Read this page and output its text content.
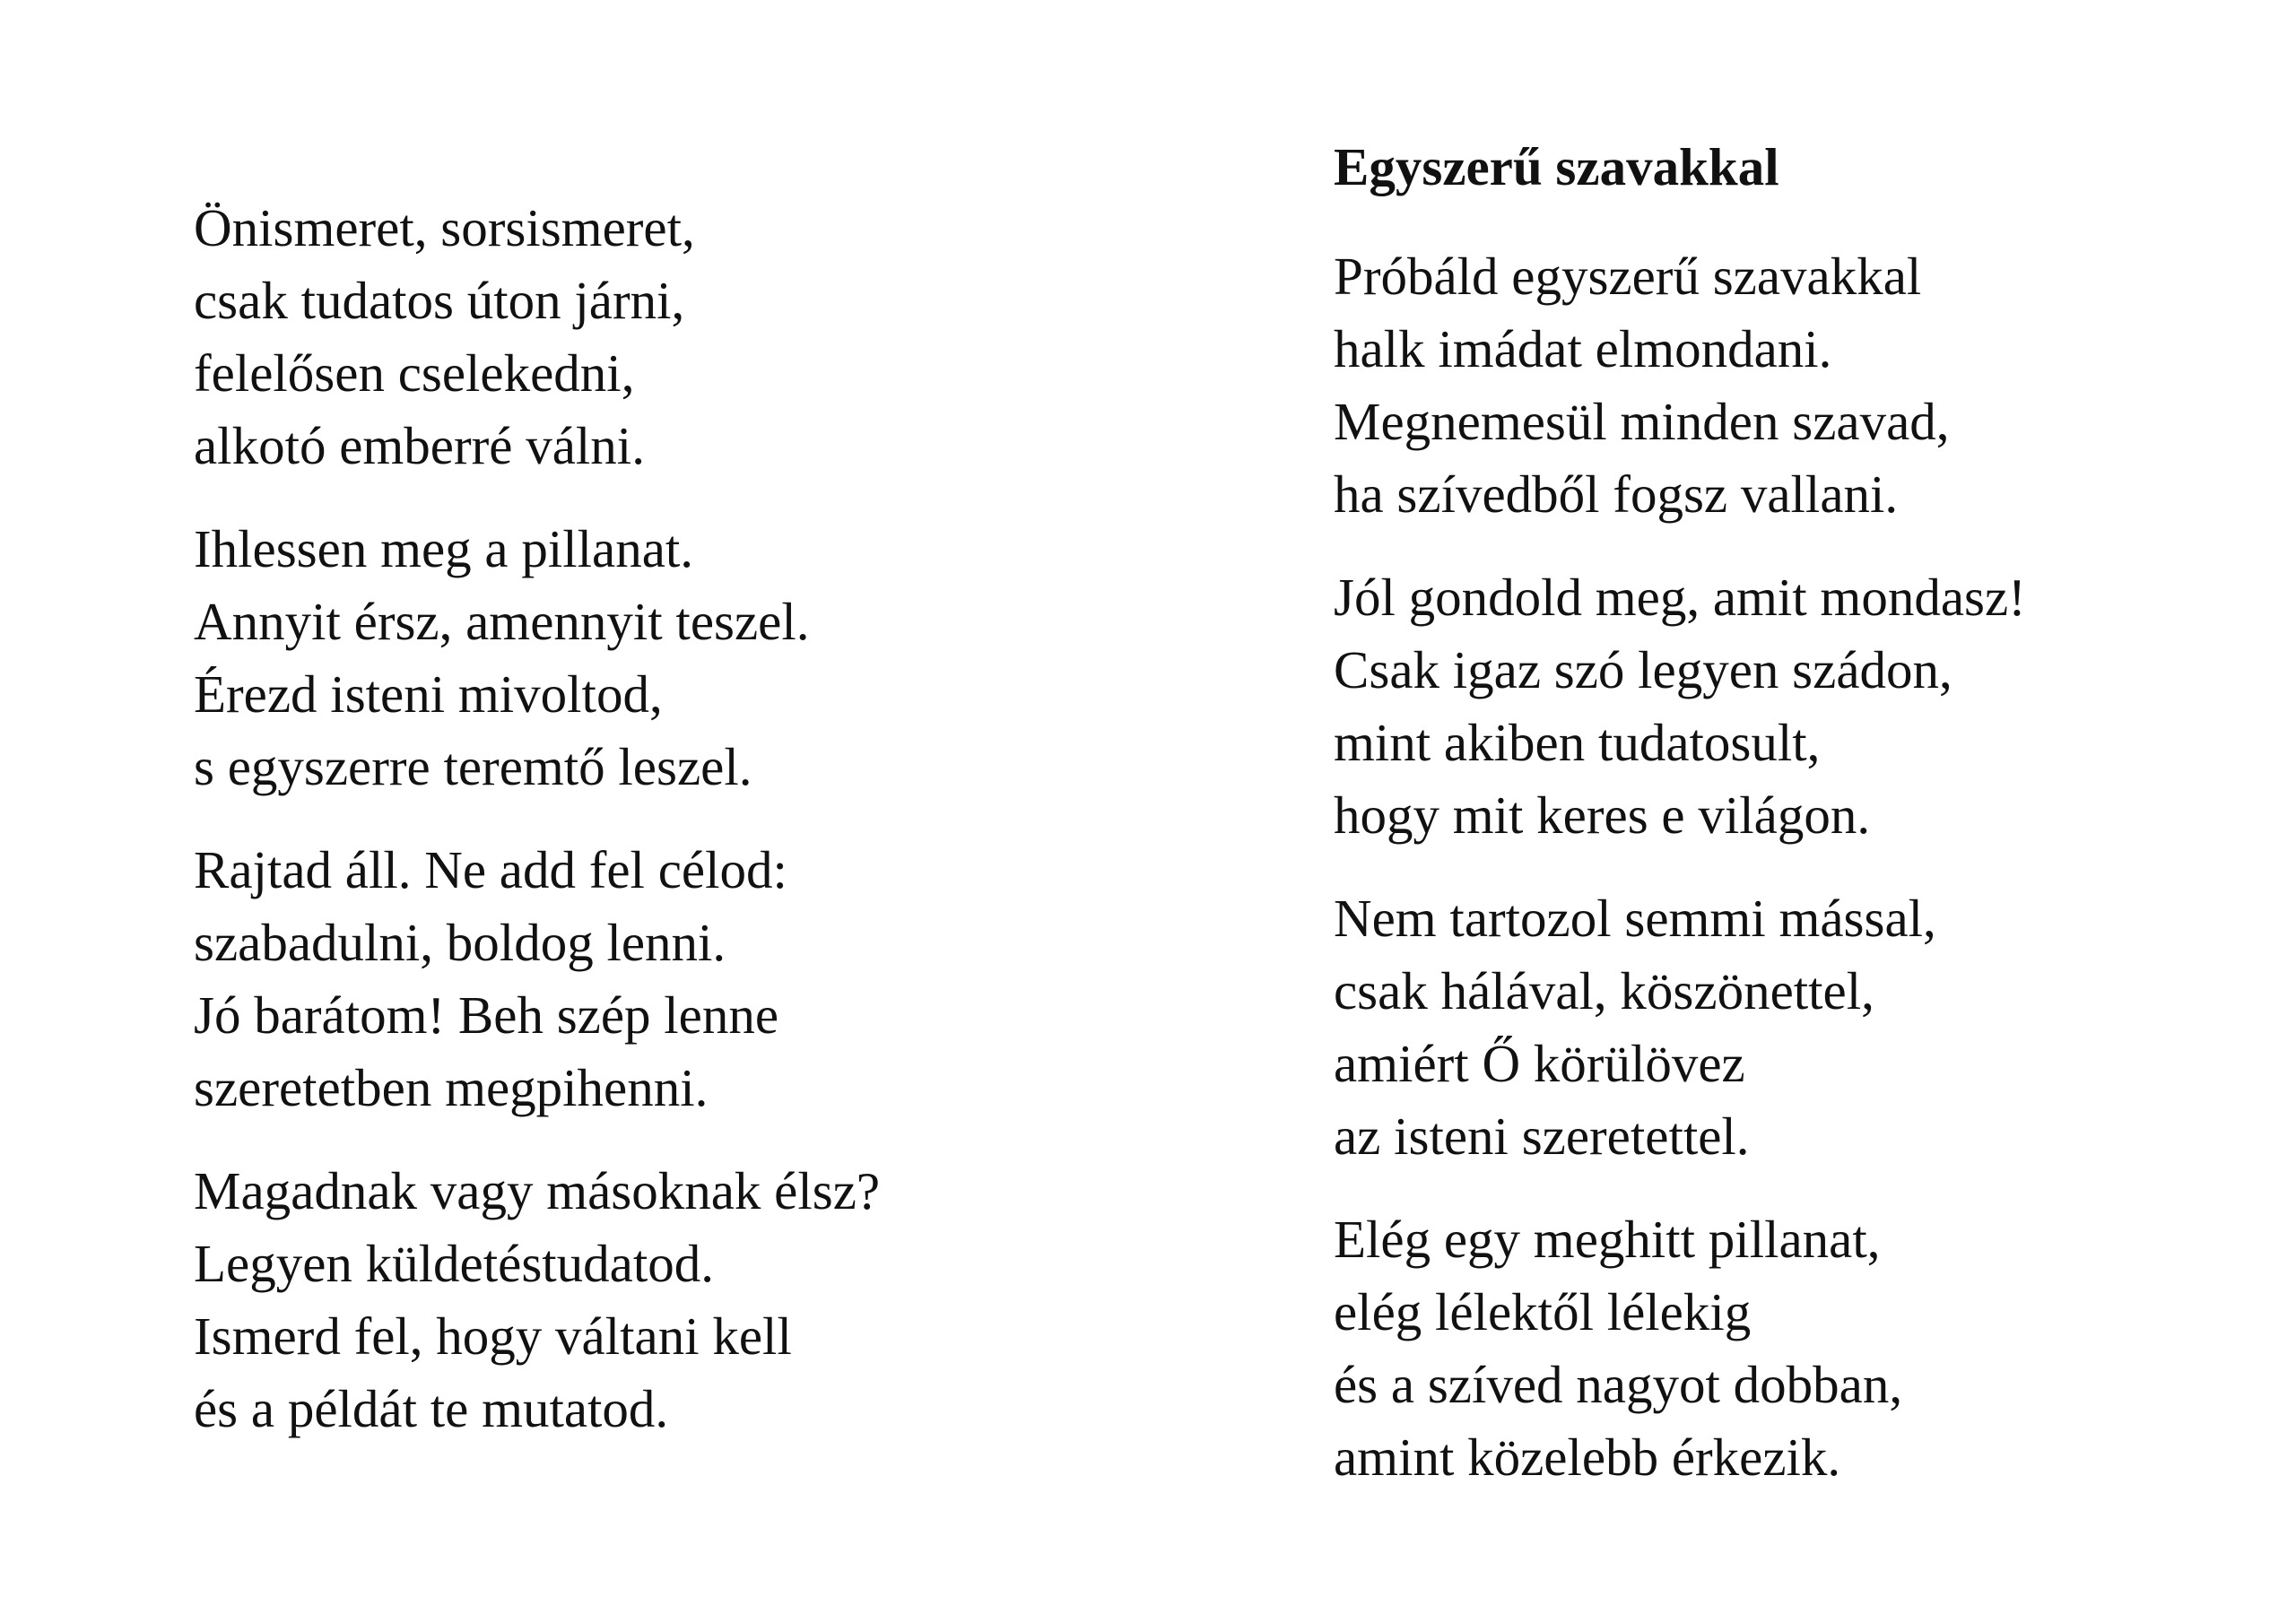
Önismeret, sorsismeret,
csak tudatos úton járni,
felelősen cselekedni,
alkotó emberré válni.
Ihlessen meg a pillanat.
Annyit érsz, amennyit teszel.
Érezd isteni mivoltod,
s egyszerre teremtő leszel.
Rajtad áll. Ne add fel célod:
szabadulni, boldog lenni.
Jó barátom! Beh szép lenne
szeretetben megpihenni.
Magadnak vagy másoknak élsz?
Legyen küldetéstudatod.
Ismerd fel, hogy váltani kell
és a példát te mutatod.
Egyszerű szavakkal
Próbáld egyszerű szavakkal
halk imádat elmondani.
Megnemesül minden szavad,
ha szívedből fogsz vallani.
Jól gondold meg, amit mondasz!
Csak igaz szó legyen szádon,
mint akiben tudatosult,
hogy mit keres e világon.
Nem tartozol semmi mással,
csak hálával, köszönettel,
amiért Ő körülövez
az isteni szeretettel.
Elég egy meghitt pillanat,
elég lélektől lélekig
és a szíved nagyot dobban,
amint közelebb érkezik.
